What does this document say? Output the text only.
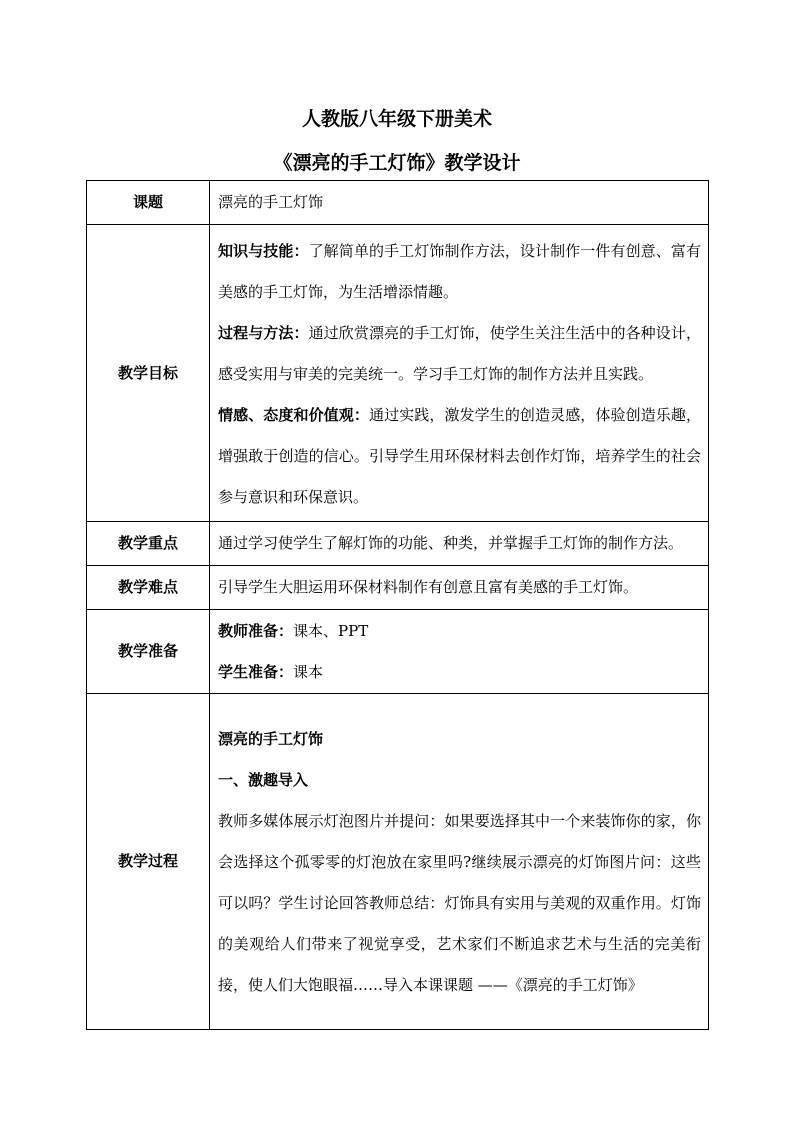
人教版八年级下册美术
《漂亮的手工灯饰》教学设计
课题	漂亮的手工灯饰
教学目标	知识与技能：了解简单的手工灯饰制作方法，设计制作一件有创意、富有美感的手工灯饰，为生活增添情趣。
过程与方法：通过欣赏漂亮的手工灯饰，使学生关注生活中的各种设计，感受实用与审美的完美统一。学习手工灯饰的制作方法并且实践。
情感、态度和价值观：通过实践，激发学生的创造灵感，体验创造乐趣，增强敢于创造的信心。引导学生用环保材料去创作灯饰，培养学生的社会参与意识和环保意识。

教学重点	通过学习使学生了解灯饰的功能、种类，并掌握手工灯饰的制作方法。
教学难点	引导学生大胆运用环保材料制作有创意且富有美感的手工灯饰。
教学准备	教师准备：课本、PPT
学生准备：课本

教学过程	漂亮的手工灯饰
一、激趣导入
教师多媒体展示灯泡图片并提问：如果要选择其中一个来装饰你的家，你会选择这个孤零零的灯泡放在家里吗?继续展示漂亮的灯饰图片问：这些可以吗？学生讨论回答教师总结：灯饰具有实用与美观的双重作用。灯饰的美观给人们带来了视觉享受，艺术家们不断追求艺术与生活的完美衔接，使人们大饱眼福……导入本课课题 ——《漂亮的手工灯饰》
